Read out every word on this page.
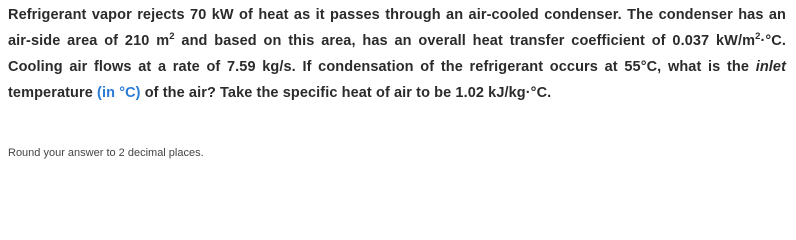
Refrigerant vapor rejects 70 kW of heat as it passes through an air-cooled condenser. The condenser has an air-side area of 210 $m^2$ and based on this area, has an overall heat transfer coefficient of 0.037 $kW/m^2\cdot^\circ C$. Cooling air flows at a rate of 7.59 kg/s. If condensation of the refrigerant occurs at 55°C, what is the inlet temperature (in °C) of the air? Take the specific heat of air to be 1.02 kJ/kg·°C.

Round your answer to 2 decimal places.
